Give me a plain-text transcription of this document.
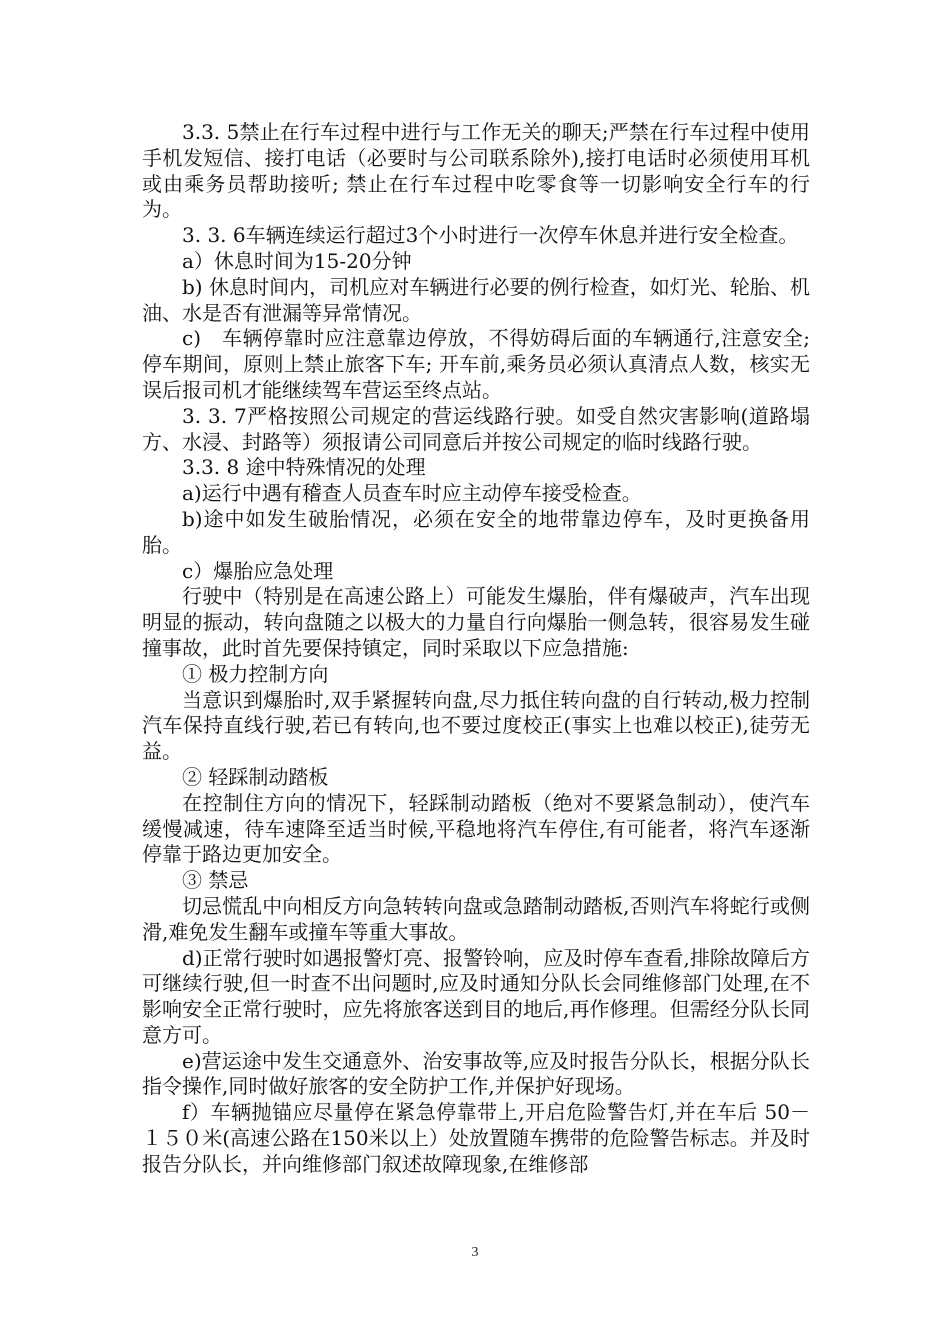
3.3. 5禁止在行车过程中进行与工作无关的聊天;严禁在行车过程中使用手机发短信、接打电话（必要时与公司联系除外),接打电话时必须使用耳机或由乘务员帮助接听; 禁止在行车过程中吃零食等一切影响安全行车的行为。

3. 3. 6车辆连续运行超过3个小时进行一次停车休息并进行安全检查。

a）休息时间为15-20分钟

b) 休息时间内，司机应对车辆进行必要的例行检查，如灯光、轮胎、机油、水是否有泄漏等异常情况。

c)　车辆停靠时应注意靠边停放，不得妨碍后面的车辆通行,注意安全; 停车期间，原则上禁止旅客下车; 开车前,乘务员必须认真清点人数，核实无误后报司机才能继续驾车营运至终点站。

3. 3. 7严格按照公司规定的营运线路行驶。如受自然灾害影响(道路塌方、水浸、封路等）须报请公司同意后并按公司规定的临时线路行驶。

3.3. 8 途中特殊情况的处理

a)运行中遇有稽查人员查车时应主动停车接受检查。

b)途中如发生破胎情况，必须在安全的地带靠边停车，及时更换备用胎。

c）爆胎应急处理

行驶中（特别是在高速公路上）可能发生爆胎，伴有爆破声，汽车出现明显的振动，转向盘随之以极大的力量自行向爆胎一侧急转，很容易发生碰撞事故，此时首先要保持镇定，同时采取以下应急措施:

① 极力控制方向

当意识到爆胎时,双手紧握转向盘,尽力抵住转向盘的自行转动,极力控制汽车保持直线行驶,若已有转向,也不要过度校正(事实上也难以校正),徒劳无益。

② 轻踩制动踏板

在控制住方向的情况下，轻踩制动踏板（绝对不要紧急制动），使汽车缓慢减速，待车速降至适当时候,平稳地将汽车停住,有可能者，将汽车逐渐停靠于路边更加安全。

③ 禁忌

切忌慌乱中向相反方向急转转向盘或急踏制动踏板,否则汽车将蛇行或侧滑,难免发生翻车或撞车等重大事故。

d)正常行驶时如遇报警灯亮、报警铃响，应及时停车查看,排除故障后方可继续行驶,但一时查不出问题时,应及时通知分队长会同维修部门处理,在不影响安全正常行驶时，应先将旅客送到目的地后,再作修理。但需经分队长同意方可。

e)营运途中发生交通意外、治安事故等,应及时报告分队长，根据分队长指令操作,同时做好旅客的安全防护工作,并保护好现场。

f）车辆抛锚应尽量停在紧急停靠带上,开启危险警告灯,并在车后 50－１５０米(高速公路在150米以上）处放置随车携带的危险警告标志。并及时报告分队长，并向维修部门叙述故障现象,在维修部

3
